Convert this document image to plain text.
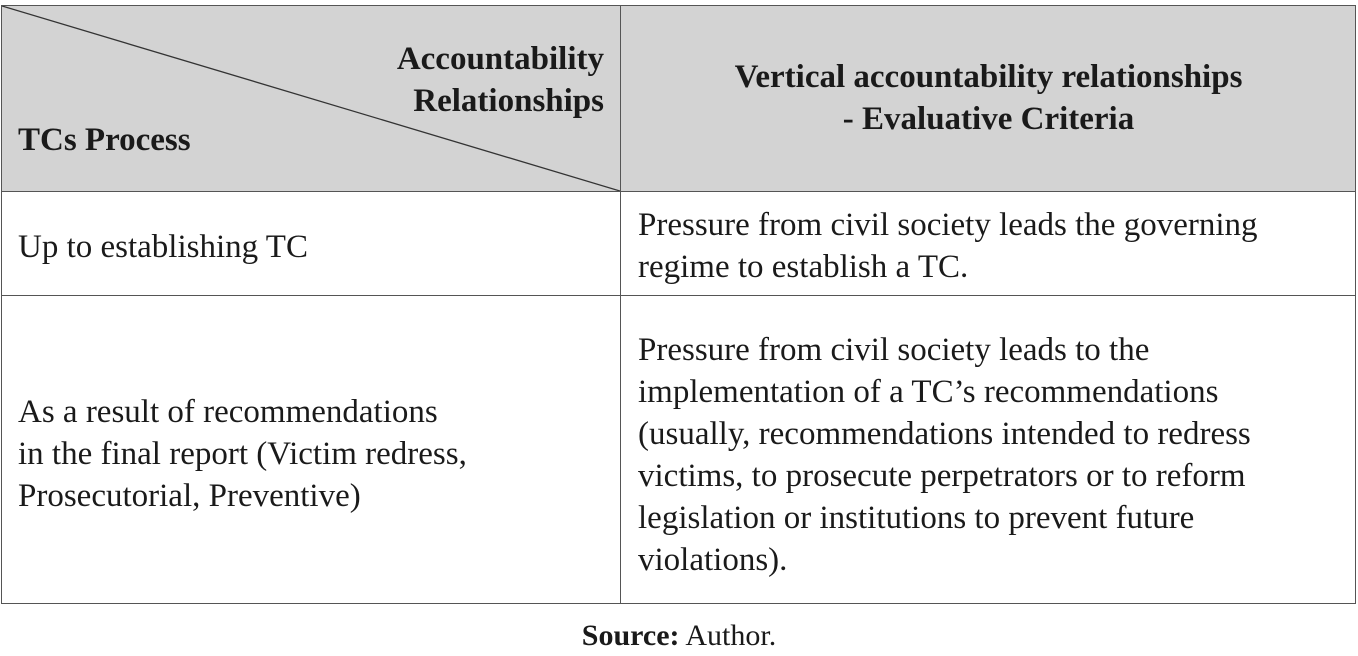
Accountability
Relationships
TCs Process
Vertical accountability relationships
- Evaluative Criteria
Up to establishing TC
Pressure from civil society leads the governing
regime to establish a TC.
As a result of recommendations
in the final report (Victim redress,
Prosecutorial, Preventive)
Pressure from civil society leads to the
implementation of a TC’s recommendations
(usually, recommendations intended to redress
victims, to prosecute perpetrators or to reform
legislation or institutions to prevent future
violations).
Source: Author.
